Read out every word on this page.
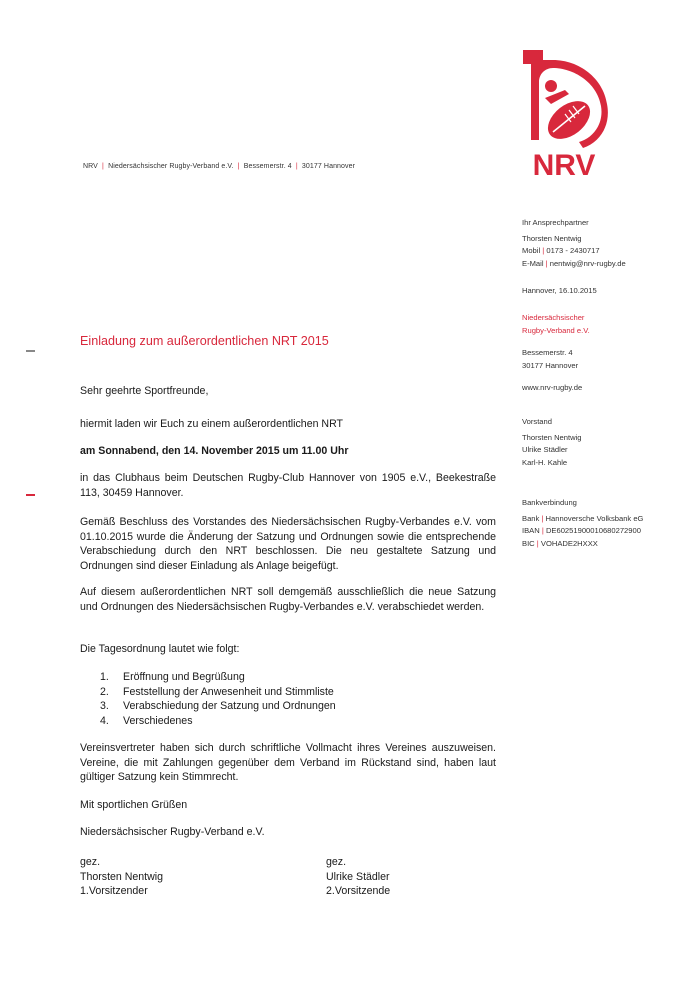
NRV
NRV  |  Niedersächsischer Rugby-Verband e.V.  |  Bessemerstr. 4  |  30177 Hannover
Ihr Ansprechpartner
Thorsten Nentwig
Mobil | 0173 - 2430717
E-Mail | nentwig@nrv-rugby.de
Hannover, 16.10.2015
Niedersächsischer
Rugby-Verband e.V.
Bessemerstr. 4
30177 Hannover
www.nrv-rugby.de
Vorstand
Thorsten Nentwig
Ulrike Städler
Karl-H. Kahle
Bankverbindung
Bank | Hannoversche Volksbank eG
IBAN | DE60251900010680272900
BIC | VOHADE2HXXX
Einladung zum außerordentlichen NRT 2015
Sehr geehrte Sportfreunde,
hiermit laden wir Euch zu einem außerordentlichen NRT
am Sonnabend, den 14. November 2015 um 11.00 Uhr
in das Clubhaus beim Deutschen Rugby-Club Hannover von 1905 e.V., Beekestraße 113, 30459 Hannover.
Gemäß Beschluss des Vorstandes des Niedersächsischen Rugby-Verbandes e.V. vom 01.10.2015 wurde die Änderung der Satzung und Ordnungen sowie die entsprechende Verabschiedung durch den NRT beschlossen. Die neu gestaltete Satzung und Ordnungen sind dieser Einladung als Anlage beigefügt.
Auf diesem außerordentlichen NRT soll demgemäß ausschließlich die neue Satzung und Ordnungen des Niedersächsischen Rugby-Verbandes e.V. verabschiedet werden.
Die Tagesordnung lautet wie folgt:
1.	Eröffnung und Begrüßung
2.	Feststellung der Anwesenheit und Stimmliste
3.	Verabschiedung der Satzung und Ordnungen
4.	Verschiedenes
Vereinsvertreter haben sich durch schriftliche Vollmacht ihres Vereines auszuweisen. Vereine, die mit Zahlungen gegenüber dem Verband im Rückstand sind, haben laut gültiger Satzung kein Stimmrecht.
Mit sportlichen Grüßen
Niedersächsischer Rugby-Verband e.V.
gez.
Thorsten Nentwig
1.Vorsitzender
gez.
Ulrike Städler
2.Vorsitzende
